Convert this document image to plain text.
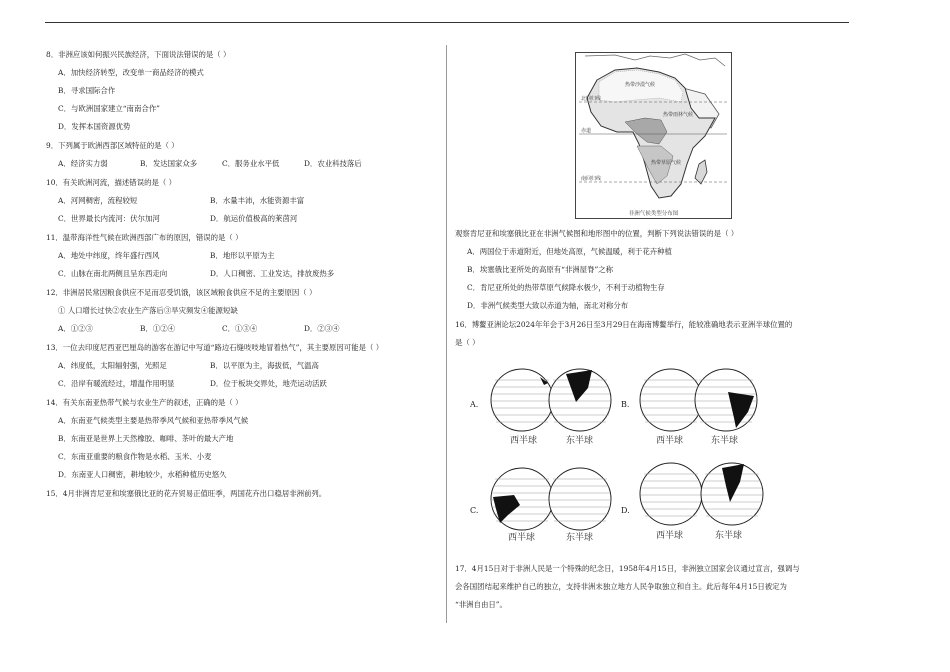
8．非洲应该如何振兴民族经济，下面说法错误的是（ ）

A．加快经济转型，改变单一商品经济的模式

B．寻求国际合作

C．与欧洲国家建立“南南合作”

D．发挥本国资源优势

9．下列属于欧洲西部区域特征的是（ ）

A．经济实力弱	B．发达国家众多	C．服务业水平低	D．农业科技落后

10．有关欧洲河流，描述错误的是（ ）

A．河网稠密，流程较短	B．水量丰沛，水能资源丰富
C．世界最长内流河：伏尔加河	D．航运价值极高的莱茵河

11．温带海洋性气候在欧洲西部广布的原因，错误的是（ ）

A．地处中纬度，终年盛行西风	B．地形以平原为主
C．山脉在南北两侧且呈东西走向	D．人口稠密、工业发达，排放废热多

12．非洲居民常因粮食供应不足而忍受饥饿，该区域粮食供应不足的主要原因（ ）

① 人口增长过快②农业生产落后③旱灾频发④能源短缺

A．①②③	B．①②④	C．①③④	D．②③④

13．一位去印度尼西亚巴厘岛的游客在游记中写道“路边石缝吱吱地冒着热气”，其主要原因可能是（ ）

A．纬度低，太阳辐射强，光照足	B．以平原为主，海拔低，气温高
C．沿岸有暖流经过，增温作用明显	D．位于板块交界处，地壳运动活跃

14．有关东南亚热带气候与农业生产的叙述，正确的是（ ）

A．东南亚气候类型主要是热带季风气候和亚热带季风气候

B．东南亚是世界上天然橡胶、咖啡、茶叶的最大产地

C．东南亚重要的粮食作物是水稻、玉米、小麦

D．东南亚人口稠密，耕地较少，水稻种植历史悠久

15．4月非洲肯尼亚和埃塞俄比亚的花卉贸易正值旺季，两国花卉出口稳居非洲前列。

北回归线
赤道
南回归线
热带沙漠气候
热带雨林气候
热带草原气候
非洲气候类型分布图

观察肯尼亚和埃塞俄比亚在非洲气候图和地形图中的位置，判断下列说法错误的是（ ）

A．两国位于赤道附近，但地处高原，气候温暖，利于花卉种植

B．埃塞俄比亚所处的高原有“非洲屋脊”之称

C．肯尼亚所处的热带草原气候降水极少，不利于动植物生存

D．非洲气候类型大致以赤道为轴，南北对称分布

16．博鳌亚洲论坛2024年年会于3月26日至3月29日在海南博鳌举行，能较准确地表示亚洲半球位置的

是（ ）

A.
西半球	东半球
B.
西半球	东半球
C.
西半球	东半球
D.
西半球	东半球

17．4月15日对于非洲人民是一个特殊的纪念日，1958年4月15日，非洲独立国家会议通过宣言，强调与

会各国团结起来维护自己的独立，支持非洲未独立地方人民争取独立和自主。此后每年4月15日被定为

“非洲自由日”。
